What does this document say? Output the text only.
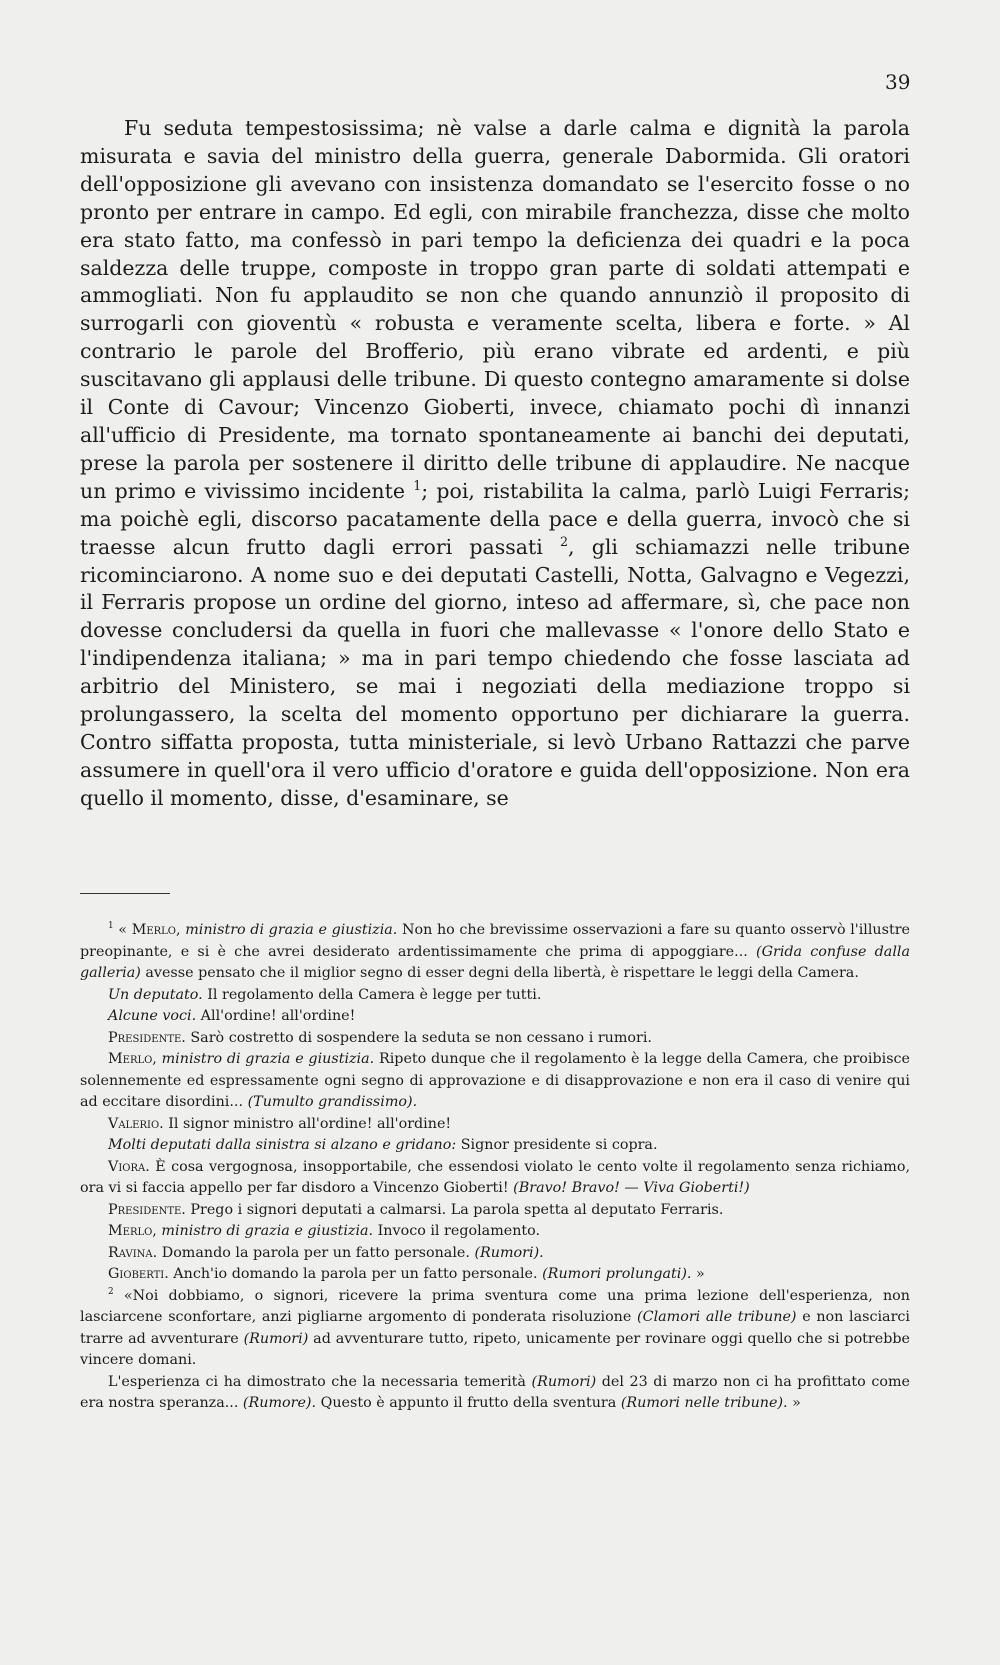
39

Fu seduta tempestosissima; nè valse a darle calma e dignità la parola misurata e savia del ministro della guerra, generale Dabormida. Gli oratori dell'opposizione gli avevano con insistenza domandato se l'esercito fosse o no pronto per entrare in campo. Ed egli, con mirabile franchezza, disse che molto era stato fatto, ma confessò in pari tempo la deficienza dei quadri e la poca saldezza delle truppe, composte in troppo gran parte di soldati attempati e ammogliati. Non fu applaudito se non che quando annunziò il proposito di surrogarli con gioventù « robusta e veramente scelta, libera e forte. » Al contrario le parole del Brofferio, più erano vibrate ed ardenti, e più suscitavano gli applausi delle tribune. Di questo contegno amaramente si dolse il Conte di Cavour; Vincenzo Gioberti, invece, chiamato pochi dì innanzi all'ufficio di Presidente, ma tornato spontaneamente ai banchi dei deputati, prese la parola per sostenere il diritto delle tribune di applaudire. Ne nacque un primo e vivissimo incidente $^1$; poi, ristabilita la calma, parlò Luigi Ferraris; ma poichè egli, discorso pacatamente della pace e della guerra, invocò che si traesse alcun frutto dagli errori passati $^2$, gli schiamazzi nelle tribune ricominciarono. A nome suo e dei deputati Castelli, Notta, Galvagno e Vegezzi, il Ferraris propose un ordine del giorno, inteso ad affermare, sì, che pace non dovesse concludersi da quella in fuori che mallevasse « l'onore dello Stato e l'indipendenza italiana; » ma in pari tempo chiedendo che fosse lasciata ad arbitrio del Ministero, se mai i negoziati della mediazione troppo si prolungassero, la scelta del momento opportuno per dichiarare la guerra. Contro siffatta proposta, tutta ministeriale, si levò Urbano Rattazzi che parve assumere in quell'ora il vero ufficio d'oratore e guida dell'opposizione. Non era quello il momento, disse, d'esaminare, se

$^1$ « Merlo, ministro di grazia e giustizia. Non ho che brevissime osservazioni a fare su quanto osservò l'illustre preopinante, e si è che avrei desiderato ardentissimamente che prima di appoggiare... (Grida confuse dalla galleria) avesse pensato che il miglior segno di esser degni della libertà, è rispettare le leggi della Camera.

Un deputato. Il regolamento della Camera è legge per tutti.

Alcune voci. All'ordine! all'ordine!

Presidente. Sarò costretto di sospendere la seduta se non cessano i rumori.

Merlo, ministro di grazia e giustizia. Ripeto dunque che il regolamento è la legge della Camera, che proibisce solennemente ed espressamente ogni segno di approvazione e di disapprovazione e non era il caso di venire qui ad eccitare disordini... (Tumulto grandissimo).

Valerio. Il signor ministro all'ordine! all'ordine!

Molti deputati dalla sinistra si alzano e gridano: Signor presidente si copra.

Viora. È cosa vergognosa, insopportabile, che essendosi violato le cento volte il regolamento senza richiamo, ora vi si faccia appello per far disdoro a Vincenzo Gioberti! (Bravo! Bravo! — Viva Gioberti!)

Presidente. Prego i signori deputati a calmarsi. La parola spetta al deputato Ferraris.

Merlo, ministro di grazia e giustizia. Invoco il regolamento.

Ravina. Domando la parola per un fatto personale. (Rumori).

Gioberti. Anch'io domando la parola per un fatto personale. (Rumori prolungati). »

$^2$ «Noi dobbiamo, o signori, ricevere la prima sventura come una prima lezione dell'esperienza, non lasciarcene sconfortare, anzi pigliarne argomento di ponderata risoluzione (Clamori alle tribune) e non lasciarci trarre ad avventurare (Rumori) ad avventurare tutto, ripeto, unicamente per rovinare oggi quello che si potrebbe vincere domani.

L'esperienza ci ha dimostrato che la necessaria temerità (Rumori) del 23 di marzo non ci ha profittato come era nostra speranza... (Rumore). Questo è appunto il frutto della sventura (Rumori nelle tribune). »
